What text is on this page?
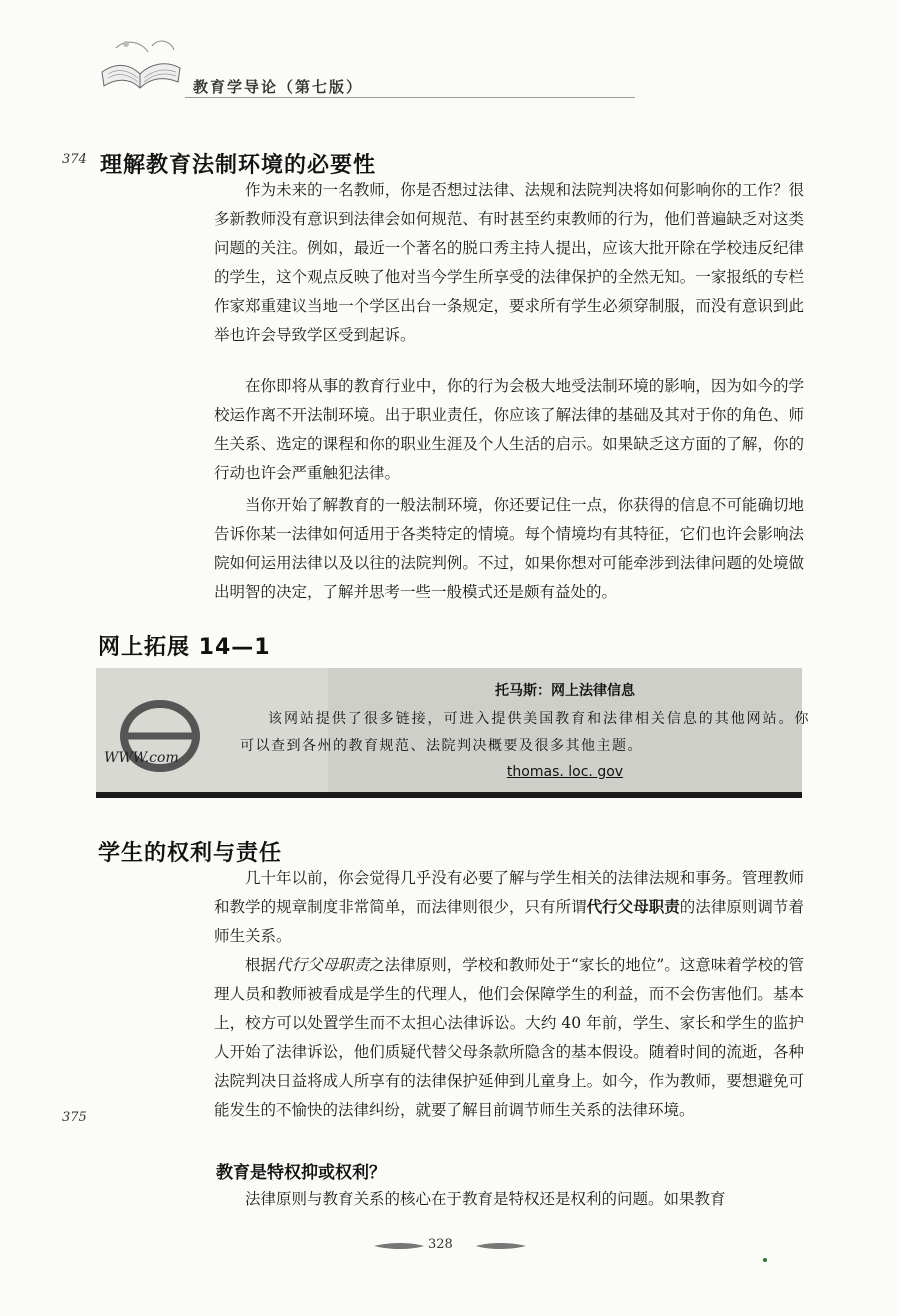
教育学导论（第七版）
374
375
理解教育法制环境的必要性

作为未来的一名教师，你是否想过法律、法规和法院判决将如何影响你的工作？很多新教师没有意识到法律会如何规范、有时甚至约束教师的行为，他们普遍缺乏对这类问题的关注。例如，最近一个著名的脱口秀主持人提出，应该大批开除在学校违反纪律的学生，这个观点反映了他对当今学生所享受的法律保护的全然无知。一家报纸的专栏作家郑重建议当地一个学区出台一条规定，要求所有学生必须穿制服，而没有意识到此举也许会导致学区受到起诉。

在你即将从事的教育行业中，你的行为会极大地受法制环境的影响，因为如今的学校运作离不开法制环境。出于职业责任，你应该了解法律的基础及其对于你的角色、师生关系、选定的课程和你的职业生涯及个人生活的启示。如果缺乏这方面的了解，你的行动也许会严重触犯法律。

当你开始了解教育的一般法制环境，你还要记住一点，你获得的信息不可能确切地告诉你某一法律如何适用于各类特定的情境。每个情境均有其特征，它们也许会影响法院如何运用法律以及以往的法院判例。不过，如果你想对可能牵涉到法律问题的处境做出明智的决定，了解并思考一些一般模式还是颇有益处的。

网上拓展 14—1
WWW.com
托马斯：网上法律信息

该网站提供了很多链接，可进入提供美国教育和法律相关信息的其他网站。你可以查到各州的教育规范、法院判决概要及很多其他主题。

thomas. loc. gov
学生的权利与责任

几十年以前，你会觉得几乎没有必要了解与学生相关的法律法规和事务。管理教师和教学的规章制度非常简单，而法律则很少，只有所谓代行父母职责的法律原则调节着师生关系。

根据代行父母职责之法律原则，学校和教师处于“家长的地位”。这意味着学校的管理人员和教师被看成是学生的代理人，他们会保障学生的利益，而不会伤害他们。基本上，校方可以处置学生而不太担心法律诉讼。大约 40 年前，学生、家长和学生的监护人开始了法律诉讼，他们质疑代替父母条款所隐含的基本假设。随着时间的流逝，各种法院判决日益将成人所享有的法律保护延伸到儿童身上。如今，作为教师，要想避免可能发生的不愉快的法律纠纷，就要了解目前调节师生关系的法律环境。

教育是特权抑或权利？

法律原则与教育关系的核心在于教育是特权还是权利的问题。如果教育

328
